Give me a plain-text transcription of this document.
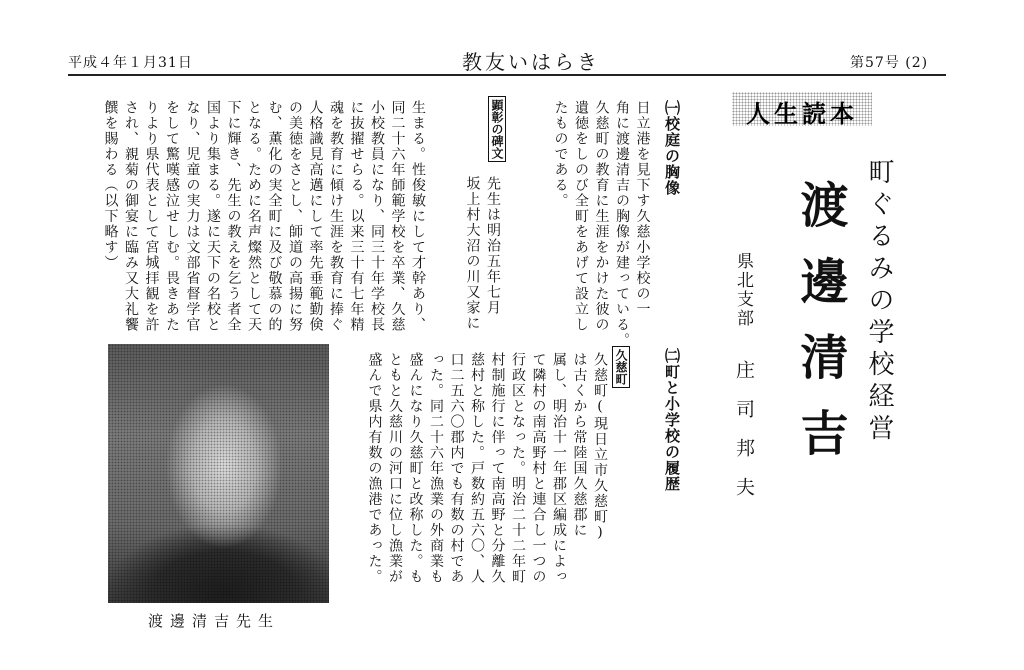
平成４年１月31日	教友いはらき	第57号 (2)
人生読本
町ぐるみの学校経営
渡邊清吉
県北支部
庄司邦夫
㈠校庭の胸像
日立港を見下す久慈小学校の一
角に渡邊清吉の胸像が建っている。
久慈町の教育に生涯をかけた彼の
遺徳をしのび全町をあげて設立し
たものである。
顕彰の碑文
先生は明治五年七月
坂上村大沼の川又家に
生まる。性俊敏にして才幹あり、
同二十六年師範学校を卒業、久慈
小校教員になり、同三十年学校長
に抜擢せらる。以来三十有七年精
魂を教育に傾け生涯を教育に捧ぐ
人格識見高邁にして率先垂範勤倹
の美徳をさとし、師道の高揚に努
む、薫化の実全町に及び敬慕の的
となる。ために名声燦然として天
下に輝き、先生の教えを乞う者全
国より集まる。遂に天下の名校と
なり、児童の実力は文部省督学官
をして驚嘆感泣せしむ。畏きあた
りより県代表として宮城拝観を許
され、親菊の御宴に臨み又大礼饗
饌を賜わる（以下略す）
㈡町と小学校の履歴
久慈町
久慈町(現日立市久慈町)
は古くから常陸国久慈郡に
属し、明治十一年郡区編成によっ
て隣村の南高野村と連合し一つの
行政区となった。明治二十二年町
村制施行に伴って南高野と分離久
慈村と称した。戸数約五六〇、人
口二五六〇郡内でも有数の村であ
った。同二十六年漁業の外商業も
盛んになり久慈町と改称した。も
ともと久慈川の河口に位し漁業が
盛んで県内有数の漁港であった。
渡邊清吉先生
